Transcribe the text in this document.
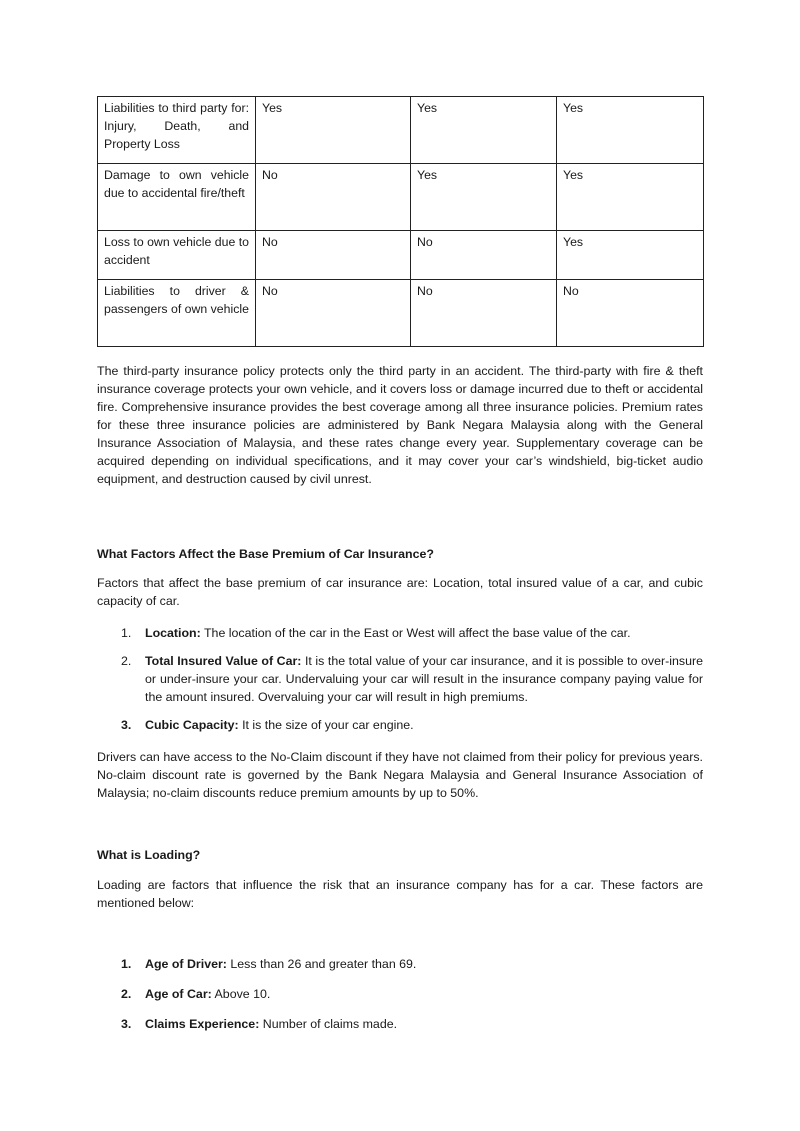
Liabilities to third party for: Injury, Death, and Property Loss	Yes	Yes	Yes
Damage to own vehicle due to accidental fire/theft	No	Yes	Yes
Loss to own vehicle due to accident	No	No	Yes
Liabilities to driver & passengers of own vehicle	No	No	No

The third-party insurance policy protects only the third party in an accident. The third-party with fire & theft insurance coverage protects your own vehicle, and it covers loss or damage incurred due to theft or accidental fire. Comprehensive insurance provides the best coverage among all three insurance policies. Premium rates for these three insurance policies are administered by Bank Negara Malaysia along with the General Insurance Association of Malaysia, and these rates change every year. Supplementary coverage can be acquired depending on individual specifications, and it may cover your car’s windshield, big-ticket audio equipment, and destruction caused by civil unrest.

What Factors Affect the Base Premium of Car Insurance?

Factors that affect the base premium of car insurance are: Location, total insured value of a car, and cubic capacity of car.

1. Location: The location of the car in the East or West will affect the base value of the car.
2. Total Insured Value of Car: It is the total value of your car insurance, and it is possible to over-insure or under-insure your car. Undervaluing your car will result in the insurance company paying value for the amount insured. Overvaluing your car will result in high premiums.
3. Cubic Capacity: It is the size of your car engine.

Drivers can have access to the No-Claim discount if they have not claimed from their policy for previous years. No-claim discount rate is governed by the Bank Negara Malaysia and General Insurance Association of Malaysia; no-claim discounts reduce premium amounts by up to 50%.

What is Loading?

Loading are factors that influence the risk that an insurance company has for a car. These factors are mentioned below:

1. Age of Driver: Less than 26 and greater than 69.
2. Age of Car: Above 10.
3. Claims Experience: Number of claims made.
